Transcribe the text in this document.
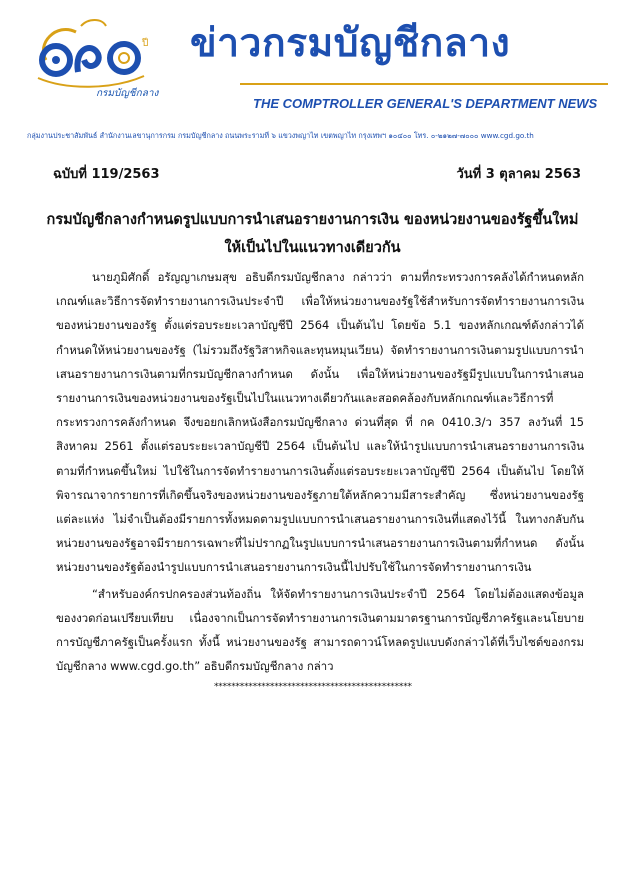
ปี
กรมบัญชีกลาง
ข่าวกรมบัญชีกลาง
THE COMPTROLLER GENERAL'S DEPARTMENT NEWS
กลุ่มงานประชาสัมพันธ์ สำนักงานเลขานุการกรม กรมบัญชีกลาง ถนนพระรามที่ ๖ แขวงพญาไท เขตพญาไท กรุงเทพฯ ๑๐๔๐๐ โทร. ๐-๒๑๒๗-๗๐๐๐ www.cgd.go.th
ฉบับที่ 119/2563	วันที่ 3 ตุลาคม 2563
กรมบัญชีกลางกำหนดรูปแบบการนำเสนอรายงานการเงิน ของหน่วยงานของรัฐขึ้นใหม่
ให้เป็นไปในแนวทางเดียวกัน

นายภูมิศักดิ์ อรัญญาเกษมสุข อธิบดีกรมบัญชีกลาง กล่าวว่า ตามที่กระทรวงการคลังได้กำหนดหลักเกณฑ์และวิธีการจัดทำรายงานการเงินประจำปี เพื่อให้หน่วยงานของรัฐใช้สำหรับการจัดทำรายงานการเงินของหน่วยงานของรัฐ ตั้งแต่รอบระยะเวลาบัญชีปี 2564 เป็นต้นไป โดยข้อ 5.1 ของหลักเกณฑ์ดังกล่าวได้กำหนดให้หน่วยงานของรัฐ (ไม่รวมถึงรัฐวิสาหกิจและทุนหมุนเวียน) จัดทำรายงานการเงินตามรูปแบบการนำเสนอรายงานการเงินตามที่กรมบัญชีกลางกำหนด ดังนั้น เพื่อให้หน่วยงานของรัฐมีรูปแบบในการนำเสนอรายงานการเงินของหน่วยงานของรัฐเป็นไปในแนวทางเดียวกันและสอดคล้องกับหลักเกณฑ์และวิธีการที่กระทรวงการคลังกำหนด จึงขอยกเลิกหนังสือกรมบัญชีกลาง ด่วนที่สุด ที่ กค 0410.3/ว 357 ลงวันที่ 15 สิงหาคม 2561 ตั้งแต่รอบระยะเวลาบัญชีปี 2564 เป็นต้นไป และให้นำรูปแบบการนำเสนอรายงานการเงินตามที่กำหนดขึ้นใหม่ ไปใช้ในการจัดทำรายงานการเงินตั้งแต่รอบระยะเวลาบัญชีปี 2564 เป็นต้นไป โดยให้พิจารณาจากรายการที่เกิดขึ้นจริงของหน่วยงานของรัฐภายใต้หลักความมีสาระสำคัญ ซึ่งหน่วยงานของรัฐแต่ละแห่ง ไม่จำเป็นต้องมีรายการทั้งหมดตามรูปแบบการนำเสนอรายงานการเงินที่แสดงไว้นี้ ในทางกลับกัน หน่วยงานของรัฐอาจมีรายการเฉพาะที่ไม่ปรากฏในรูปแบบการนำเสนอรายงานการเงินตามที่กำหนด ดังนั้น หน่วยงานของรัฐต้องนำรูปแบบการนำเสนอรายงานการเงินนี้ไปปรับใช้ในการจัดทำรายงานการเงิน

“สำหรับองค์กรปกครองส่วนท้องถิ่น ให้จัดทำรายงานการเงินประจำปี 2564 โดยไม่ต้องแสดงข้อมูลของงวดก่อนเปรียบเทียบ เนื่องจากเป็นการจัดทำรายงานการเงินตามมาตรฐานการบัญชีภาครัฐและนโยบายการบัญชีภาครัฐเป็นครั้งแรก ทั้งนี้ หน่วยงานของรัฐ สามารถดาวน์โหลดรูปแบบดังกล่าวได้ที่เว็บไซต์ของกรมบัญชีกลาง www.cgd.go.th” อธิบดีกรมบัญชีกลาง กล่าว

**********************************************
